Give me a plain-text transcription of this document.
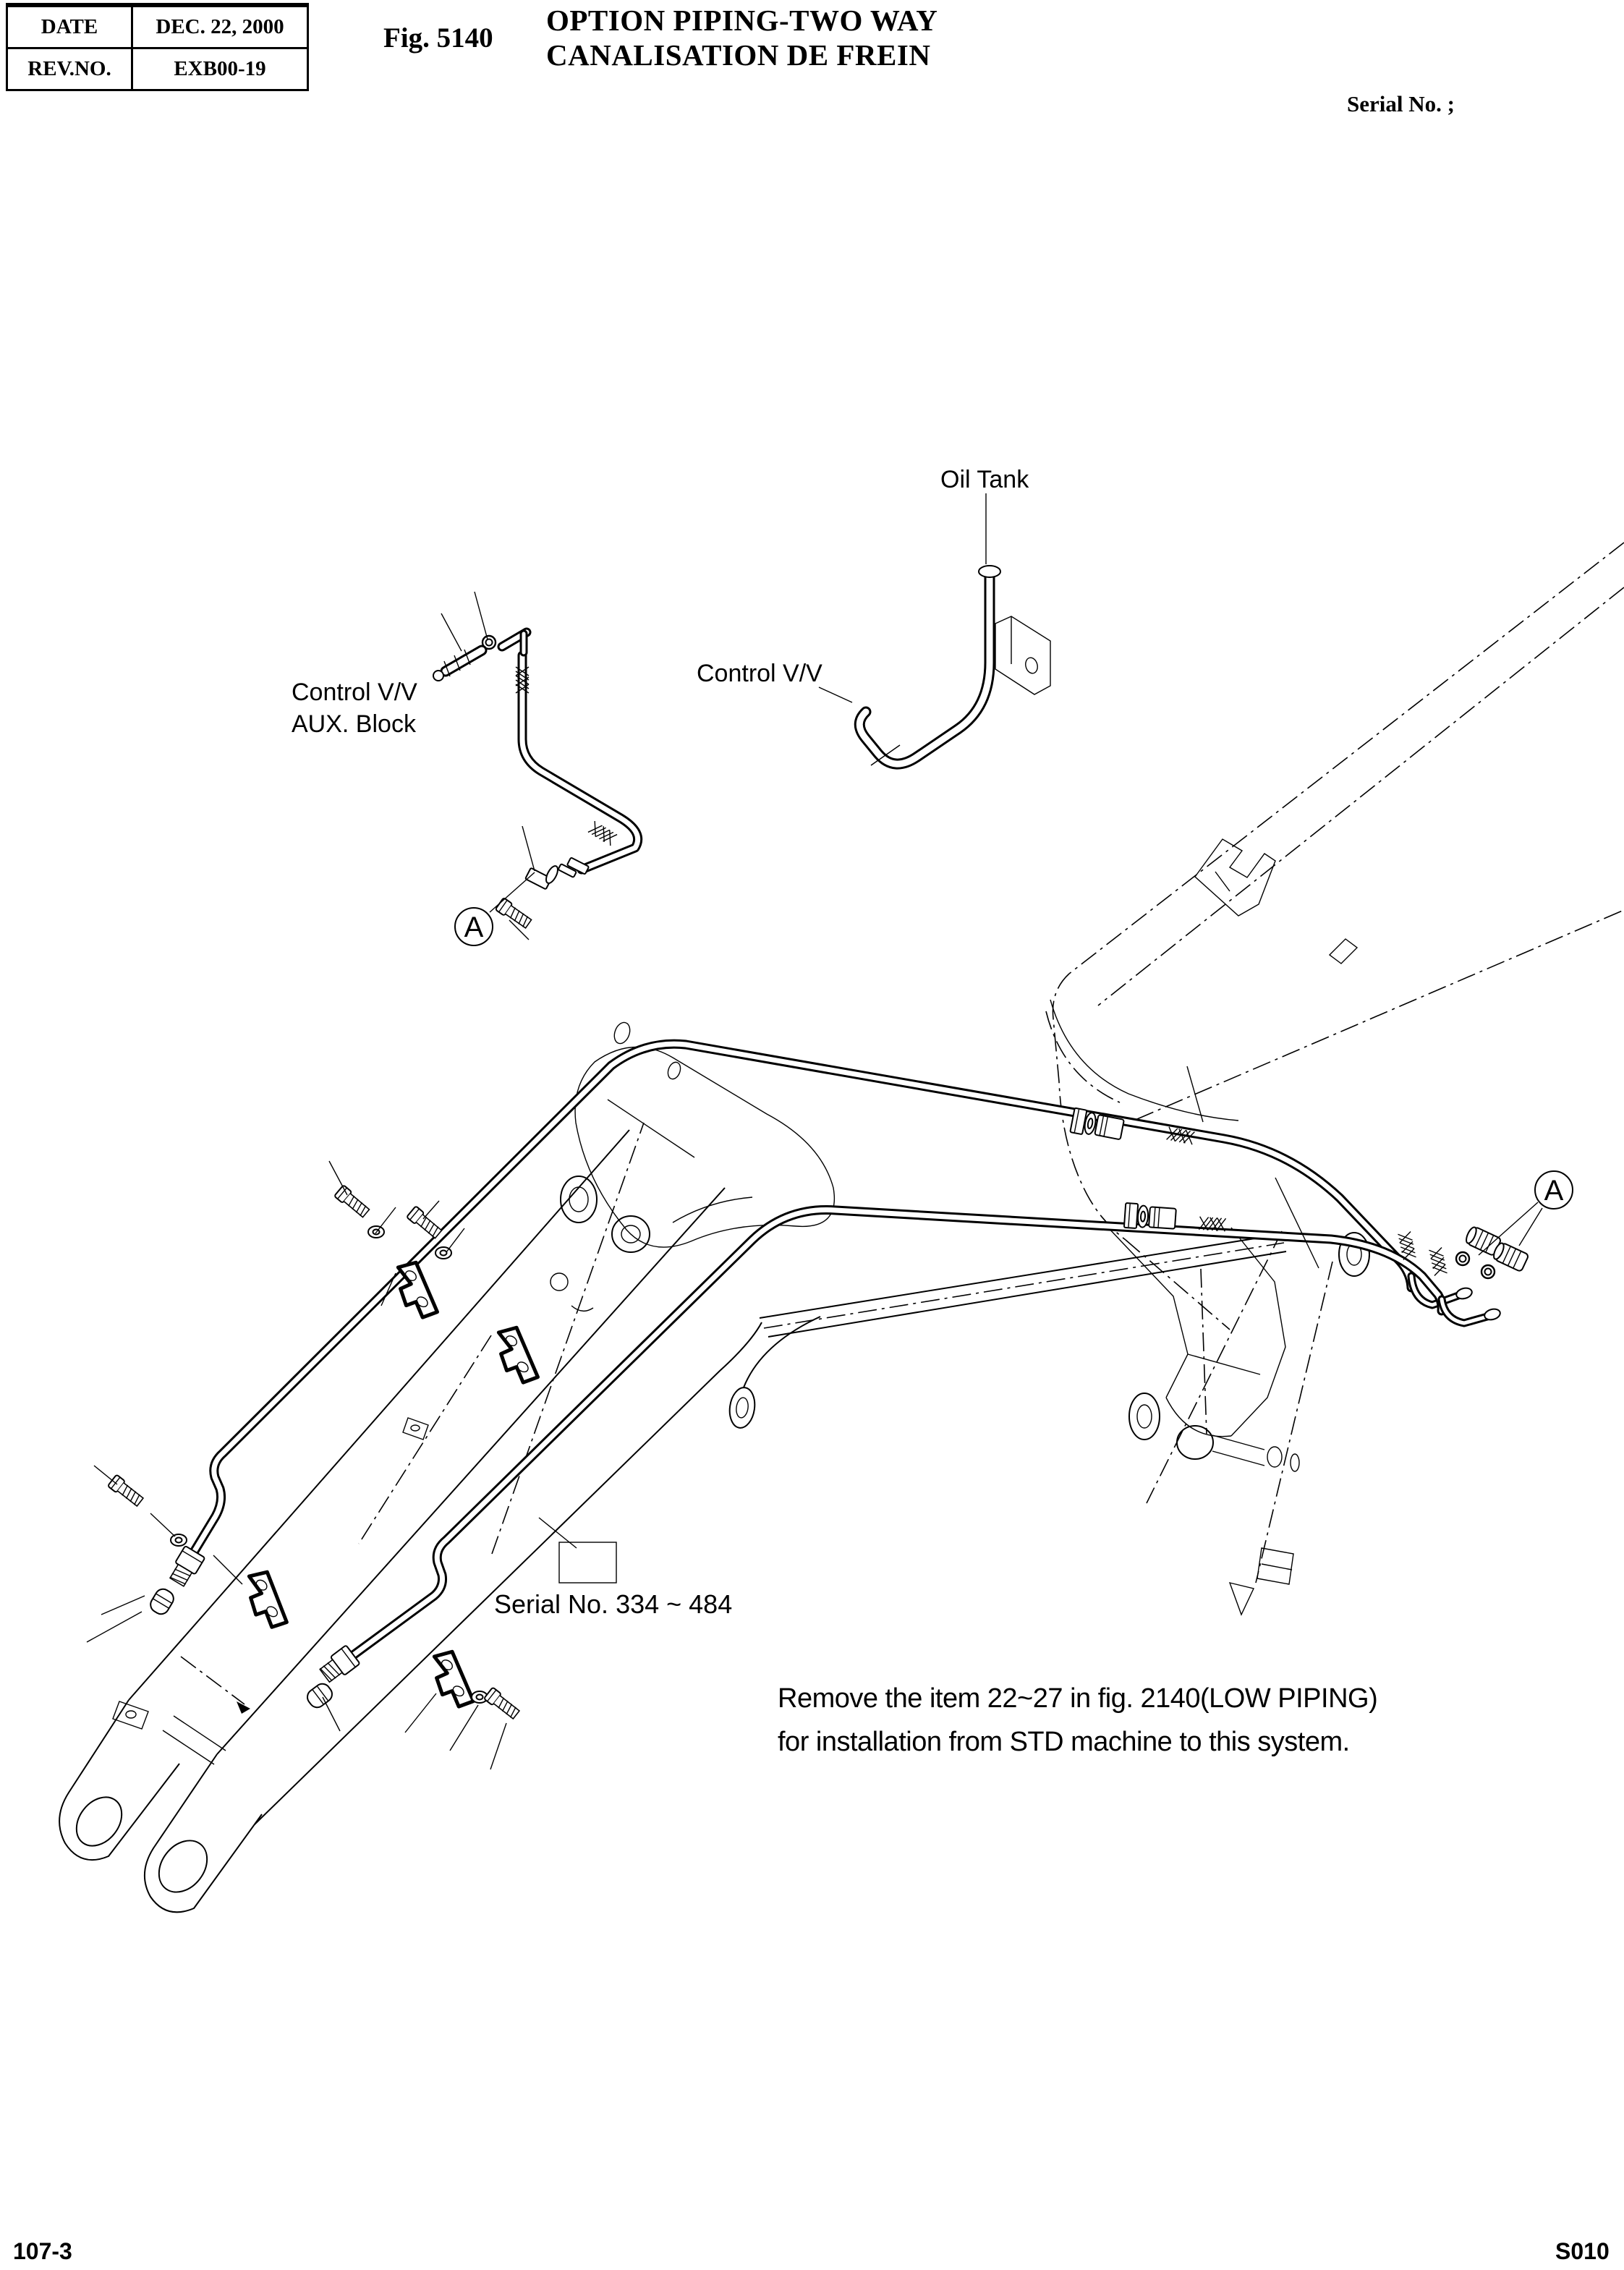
DATE	DEC. 22, 2000
REV.NO.	EXB00-19
Fig. 5140
OPTION PIPING-TWO WAY
CANALISATION DE FREIN
Serial No. ;
A
A
Oil Tank
Control V/V
Control V/V
AUX. Block
Serial No. 334 ~ 484
Remove the item 22~27 in fig. 2140(LOW PIPING)
for installation from STD machine to this system.
107-3	S010
